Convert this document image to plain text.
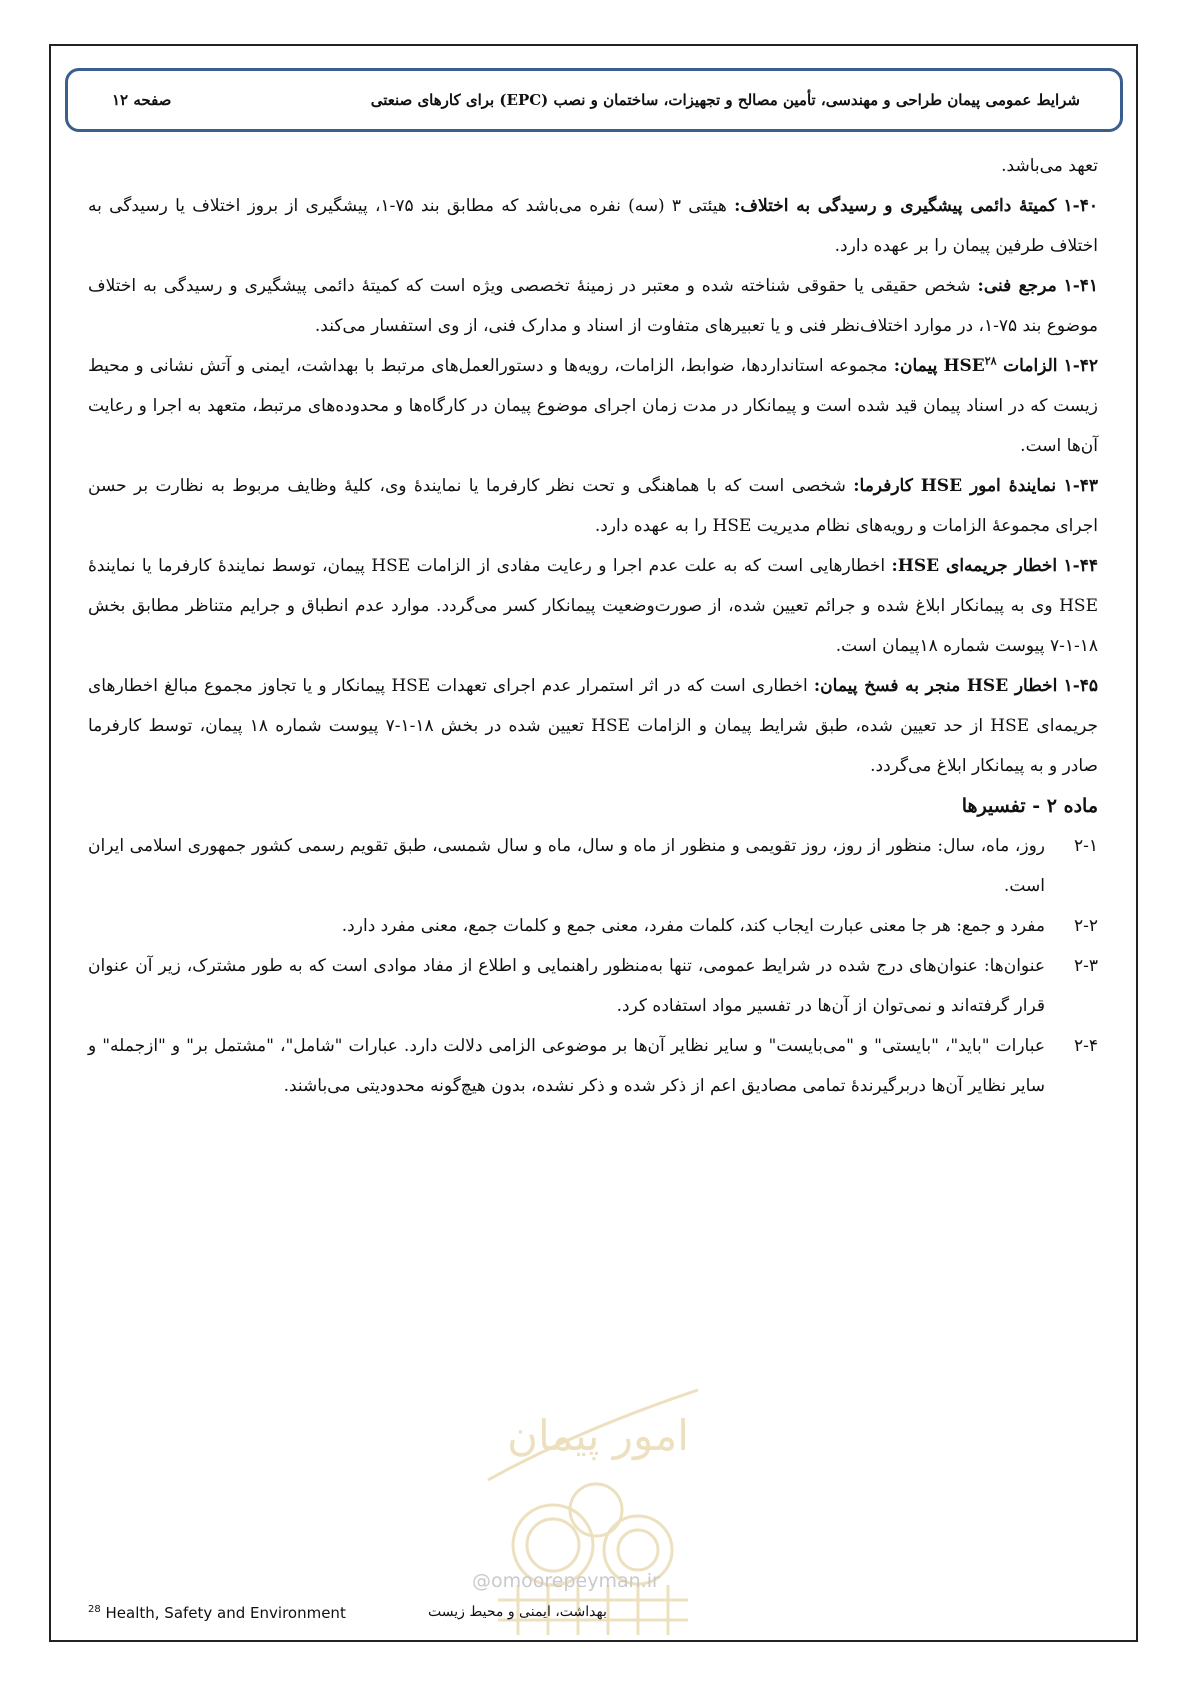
شرایط عمومی پیمان طراحی و مهندسی، تأمین مصالح و تجهیزات، ساختمان و نصب (EPC) برای کارهای صنعتی
صفحه ۱۲

تعهد می‌باشد.

۱-۴۰ کمیتهٔ دائمی پیشگیری و رسیدگی به اختلاف: هیئتی ۳ (سه) نفره می‌باشد که مطابق بند ۷۵-۱، پیشگیری از بروز اختلاف یا رسیدگی به اختلاف طرفین پیمان را بر عهده دارد.

۱-۴۱ مرجع فنی: شخص حقیقی یا حقوقی شناخته شده و معتبر در زمینهٔ تخصصی ویژه است که کمیتهٔ دائمی پیشگیری و رسیدگی به اختلاف موضوع بند ۷۵-۱، در موارد اختلاف‌نظر فنی و یا تعبیرهای متفاوت از اسناد و مدارک فنی، از وی استفسار می‌کند.

۱-۴۲ الزامات HSE$^{۲۸}$ پیمان: مجموعه استانداردها، ضوابط، الزامات، رویه‌ها و دستورالعمل‌های مرتبط با بهداشت، ایمنی و آتش نشانی و محیط زیست که در اسناد پیمان قید شده است و پیمانکار در مدت زمان اجرای موضوع پیمان در کارگاه‌ها و محدوده‌های مرتبط، متعهد به اجرا و رعایت آن‌ها است.

۱-۴۳ نمایندهٔ امور HSE کارفرما: شخصی است که با هماهنگی و تحت نظر کارفرما یا نمایندهٔ وی، کلیهٔ وظایف مربوط به نظارت بر حسن اجرای مجموعهٔ الزامات و رویه‌های نظام مدیریت HSE را به عهده دارد.

۱-۴۴ اخطار جریمه‌ای HSE: اخطارهایی است که به علت عدم اجرا و رعایت مفادی از الزامات HSE پیمان، توسط نمایندهٔ کارفرما یا نمایندهٔ HSE وی به پیمانکار ابلاغ شده و جرائم تعیین شده، از صورت‌وضعیت پیمانکار کسر می‌گردد. موارد عدم انطباق و جرایم متناظر مطابق بخش ۱۸-۱-۷ پیوست شماره ۱۸پیمان است.

۱-۴۵ اخطار HSE منجر به فسخ پیمان: اخطاری است که در اثر استمرار عدم اجرای تعهدات HSE پیمانکار و یا تجاوز مجموع مبالغ اخطارهای جریمه‌ای HSE از حد تعیین شده، طبق شرایط پیمان و الزامات HSE تعیین شده در بخش ۱۸-۱-۷ پیوست شماره ۱۸ پیمان، توسط کارفرما صادر و به پیمانکار ابلاغ می‌گردد.

ماده ۲ - تفسیرها
۲-۱
روز، ماه، سال: منظور از روز، روز تقویمی و منظور از ماه و سال، ماه و سال شمسی، طبق تقویم رسمی کشور جمهوری اسلامی ایران است.
۲-۲
مفرد و جمع: هر جا معنی عبارت ایجاب کند، کلمات مفرد، معنی جمع و کلمات جمع، معنی مفرد دارد.
۲-۳
عنوان‌ها: عنوان‌های درج شده در شرایط عمومی، تنها به‌منظور راهنمایی و اطلاع از مفاد موادی است که به طور مشترک، زیر آن عنوان قرار گرفته‌اند و نمی‌توان از آن‌ها در تفسیر مواد استفاده کرد.
۲-۴
عبارات "باید"، "بایستی" و "می‌بایست" و سایر نظایر آن‌ها بر موضوعی الزامی دلالت دارد. عبارات "شامل"، "مشتمل بر" و "ازجمله" و سایر نظایر آن‌ها دربرگیرندهٔ تمامی مصادیق اعم از ذکر شده و ذکر نشده، بدون هیچ‌گونه محدودیتی می‌باشند.
امور پیمان
@omoorepeyman.ir
$^{28}$ Health, Safety and Environment	بهداشت، ایمنی و محیط زیست
